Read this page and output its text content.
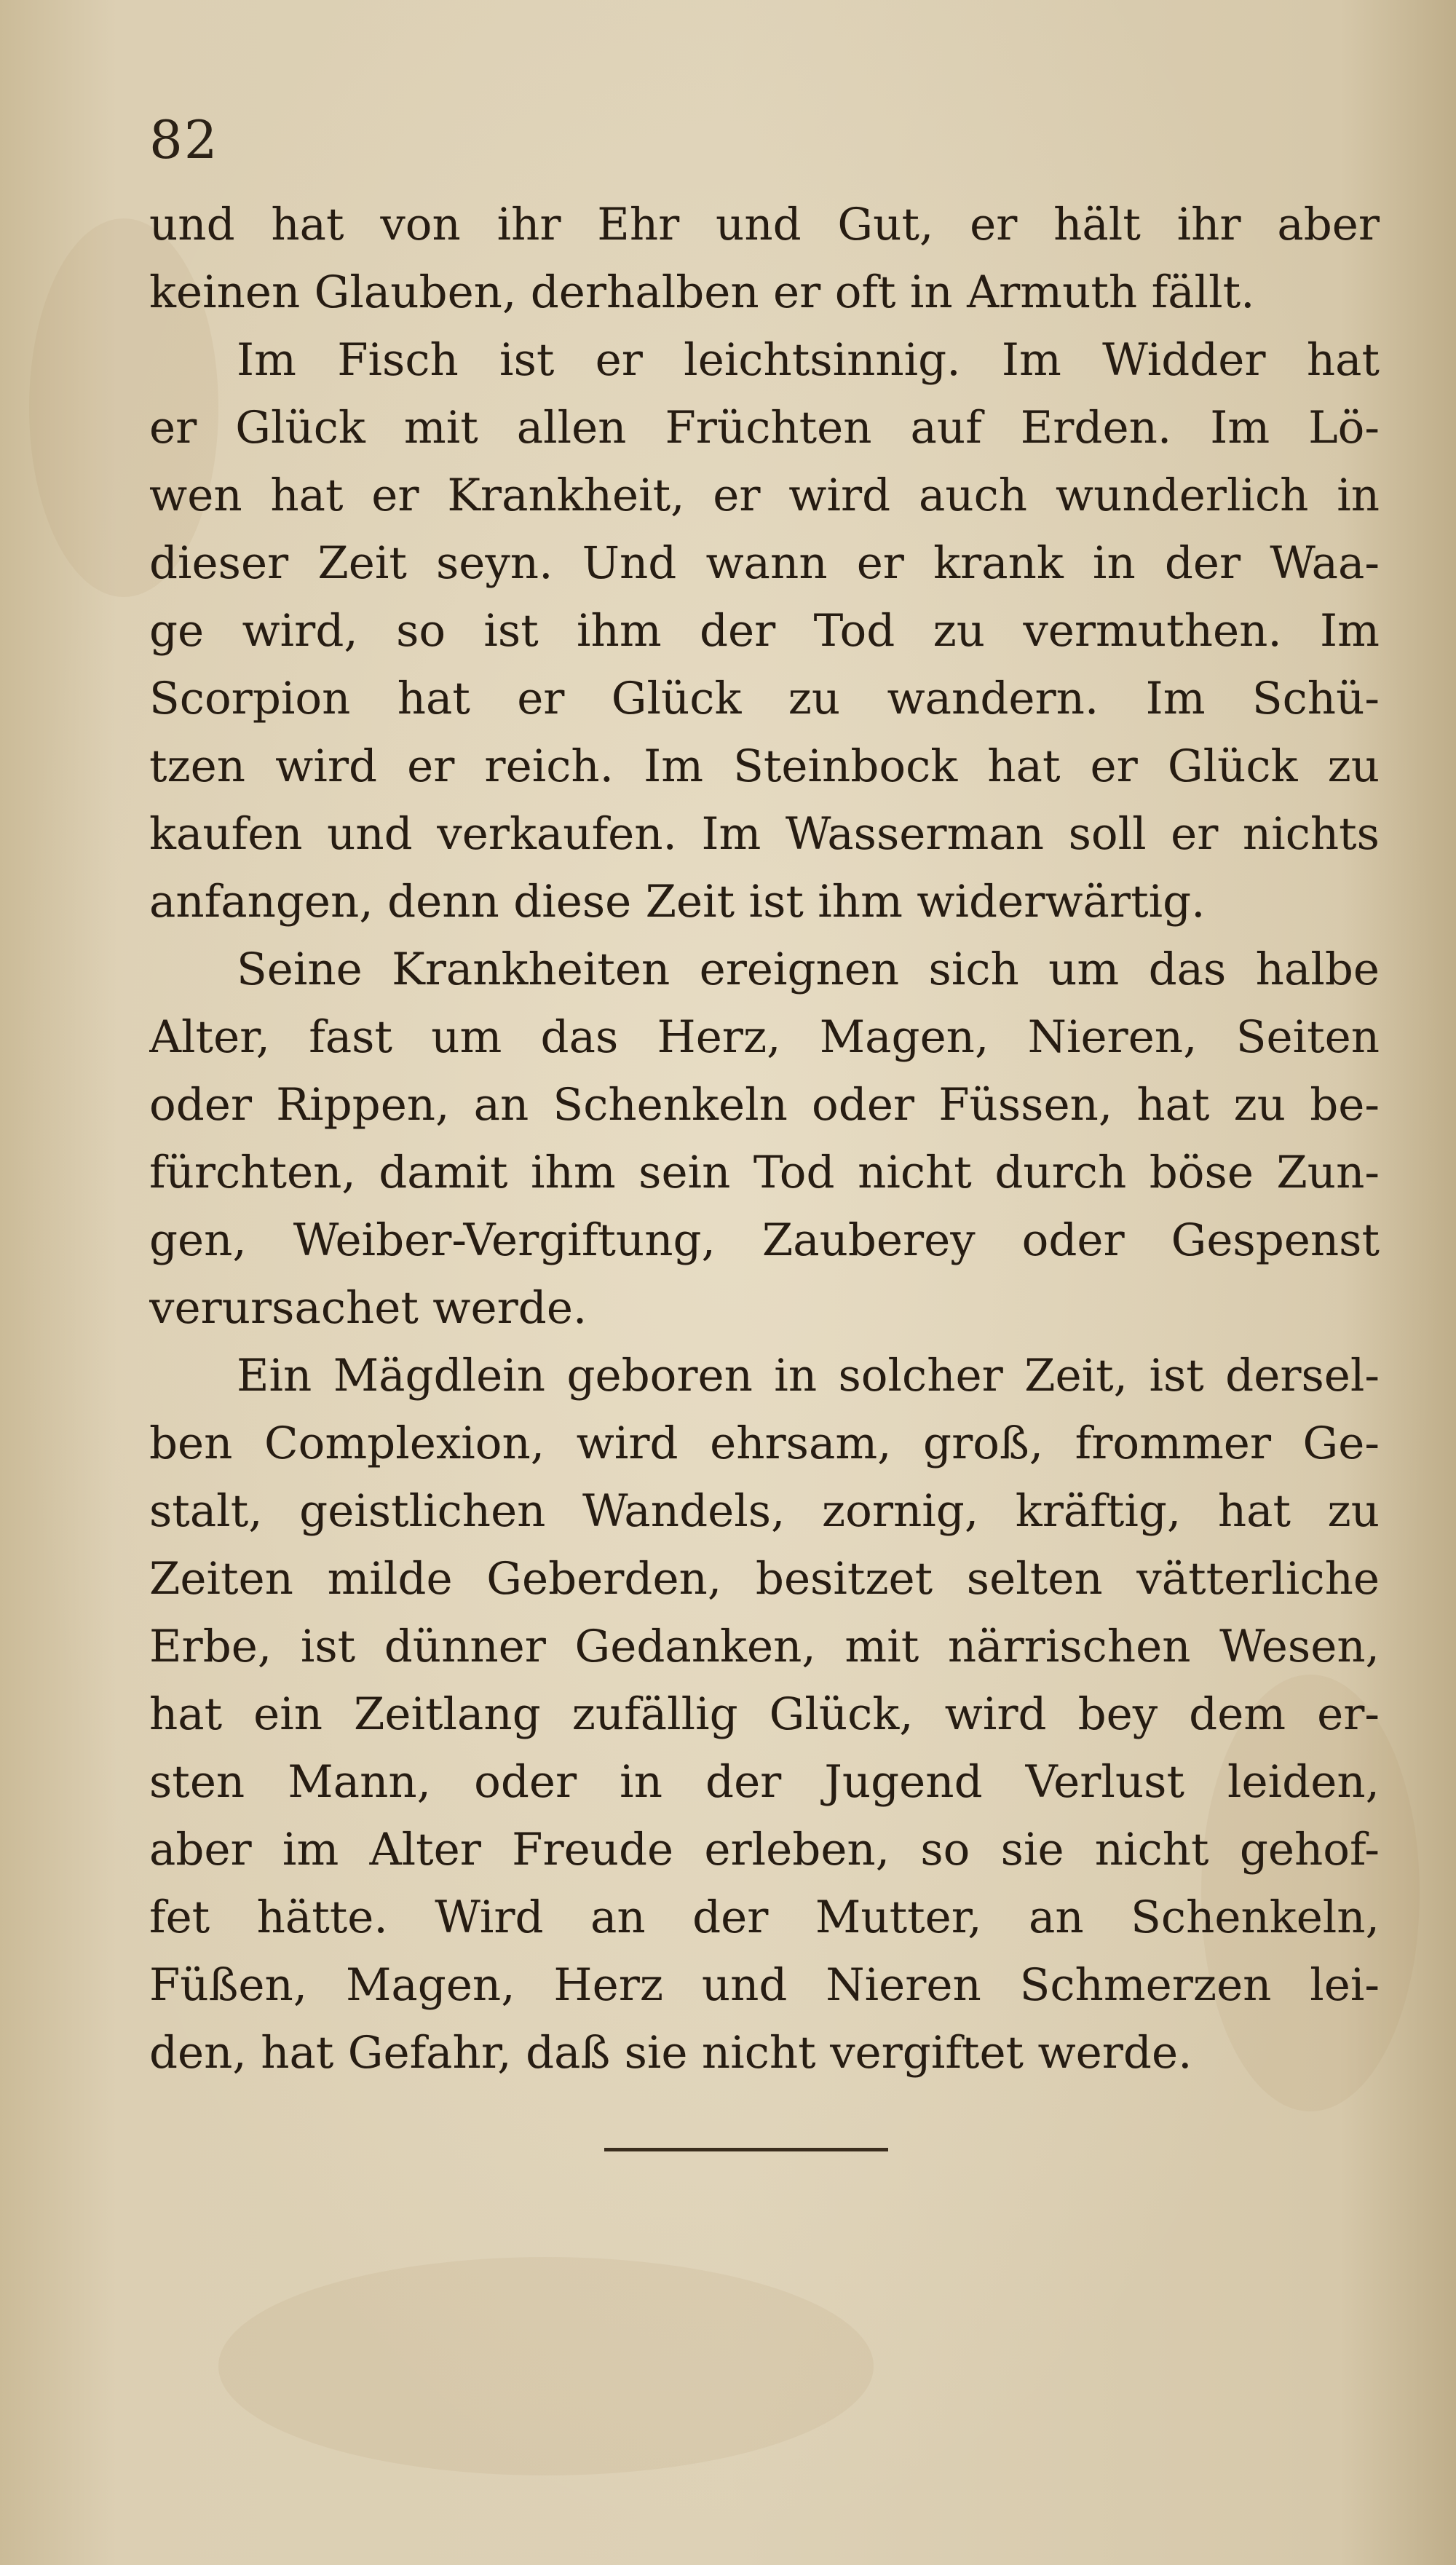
82
und hat von ihr Ehr und Gut, er hält ihr aber
keinen Glauben, derhalben er oft in Armuth fällt.
Im Fisch ist er leichtsinnig. Im Widder hat
er Glück mit allen Früchten auf Erden. Im Lö-
wen hat er Krankheit, er wird auch wunderlich in
dieser Zeit seyn. Und wann er krank in der Waa-
ge wird, so ist ihm der Tod zu vermuthen. Im
Scorpion hat er Glück zu wandern. Im Schü-
tzen wird er reich. Im Steinbock hat er Glück zu
kaufen und verkaufen. Im Wasserman soll er nichts
anfangen, denn diese Zeit ist ihm widerwärtig.
Seine Krankheiten ereignen sich um das halbe
Alter, fast um das Herz, Magen, Nieren, Seiten
oder Rippen, an Schenkeln oder Füssen, hat zu be-
fürchten, damit ihm sein Tod nicht durch böse Zun-
gen, Weiber-Vergiftung, Zauberey oder Gespenst
verursachet werde.
Ein Mägdlein geboren in solcher Zeit, ist dersel-
ben Complexion, wird ehrsam, groß, frommer Ge-
stalt, geistlichen Wandels, zornig, kräftig, hat zu
Zeiten milde Geberden, besitzet selten vätterliche
Erbe, ist dünner Gedanken, mit närrischen Wesen,
hat ein Zeitlang zufällig Glück, wird bey dem er-
sten Mann, oder in der Jugend Verlust leiden,
aber im Alter Freude erleben, so sie nicht gehof-
fet hätte. Wird an der Mutter, an Schenkeln,
Füßen, Magen, Herz und Nieren Schmerzen lei-
den, hat Gefahr, daß sie nicht vergiftet werde.
